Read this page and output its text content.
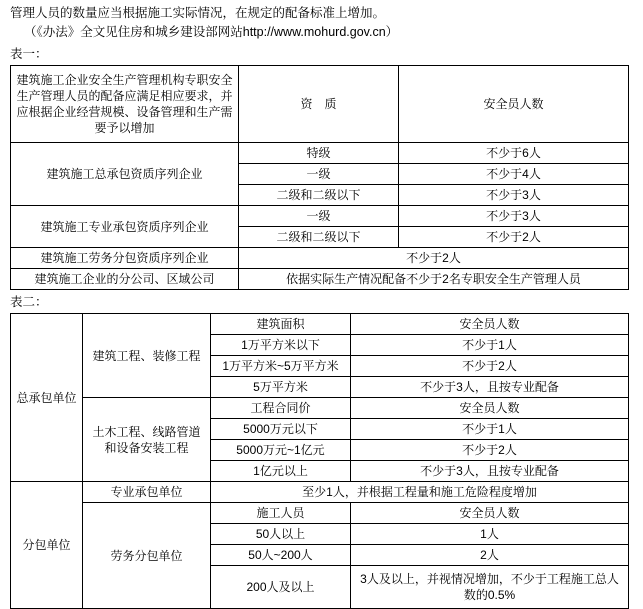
管理人员的数量应当根据施工实际情况，在规定的配备标准上增加。
（《办法》全文见住房和城乡建设部网站http://www.mohurd.gov.cn）
表一：
建筑施工企业安全生产管理机构专职安全生产管理人员的配备应满足相应要求，并应根据企业经营规模、设备管理和生产需要予以增加	资　质	安全员人数
建筑施工总承包资质序列企业	特级	不少于6人
	一级	不少于4人
	二级和二级以下	不少于3人
建筑施工专业承包资质序列企业	一级	不少于3人
	二级和二级以下	不少于2人
建筑施工劳务分包资质序列企业	不少于2人	
建筑施工企业的分公司、区域公司	依据实际生产情况配备不少于2名专职安全生产管理人员	
表二：
总承包单位	建筑工程、装修工程	建筑面积	安全员人数
		1万平方米以下	不少于1人
		1万平方米~5万平方米	不少于2人
		5万平方米	不少于3人，且按专业配备
	土木工程、线路管道和设备安装工程	工程合同价	安全员人数
		5000万元以下	不少于1人
		5000万元~1亿元	不少于2人
		1亿元以上	不少于3人，且按专业配备
分包单位	专业承包单位	至少1人，并根据工程量和施工危险程度增加	
	劳务分包单位	施工人员	安全员人数
		50人以上	1人
		50人~200人	2人
		200人及以上	3人及以上，并视情况增加，不少于工程施工总人数的0.5%
